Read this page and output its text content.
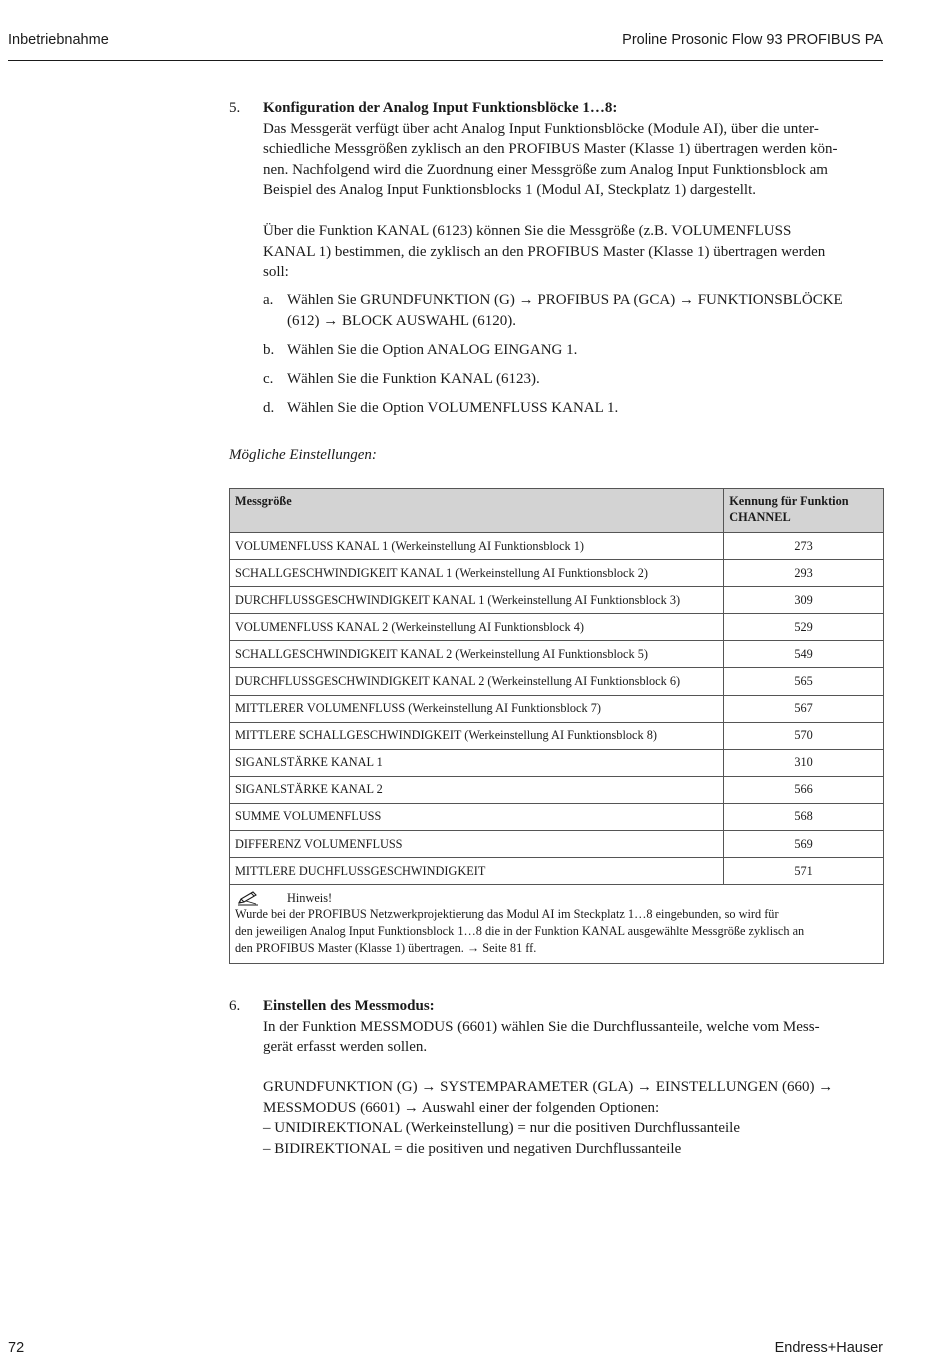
Inbetriebnahme	Proline Prosonic Flow 93 PROFIBUS PA
5. Konfiguration der Analog Input Funktionsblöcke 1…8:
Das Messgerät verfügt über acht Analog Input Funktionsblöcke (Module AI), über die unter-
schiedliche Messgrößen zyklisch an den PROFIBUS Master (Klasse 1) übertragen werden kön-
nen. Nachfolgend wird die Zuordnung einer Messgröße zum Analog Input Funktionsblock am
Beispiel des Analog Input Funktionsblocks 1 (Modul AI, Steckplatz 1) dargestellt.
Über die Funktion KANAL (6123) können Sie die Messgröße (z.B. VOLUMENFLUSS
KANAL 1) bestimmen, die zyklisch an den PROFIBUS Master (Klasse 1) übertragen werden
soll:
a. Wählen Sie GRUNDFUNKTION (G) → PROFIBUS PA (GCA) → FUNKTIONSBLÖCKE
(612) → BLOCK AUSWAHL (6120).
b. Wählen Sie die Option ANALOG EINGANG 1.
c. Wählen Sie die Funktion KANAL (6123).
d. Wählen Sie die Option VOLUMENFLUSS KANAL 1.
Mögliche Einstellungen:
Messgröße	Kennung für Funktion
CHANNEL

VOLUMENFLUSS KANAL 1 (Werkeinstellung AI Funktionsblock 1)	273
SCHALLGESCHWINDIGKEIT KANAL 1 (Werkeinstellung AI Funktionsblock 2)	293
DURCHFLUSSGESCHWINDIGKEIT KANAL 1 (Werkeinstellung AI Funktionsblock 3)	309
VOLUMENFLUSS KANAL 2 (Werkeinstellung AI Funktionsblock 4)	529
SCHALLGESCHWINDIGKEIT KANAL 2 (Werkeinstellung AI Funktionsblock 5)	549
DURCHFLUSSGESCHWINDIGKEIT KANAL 2 (Werkeinstellung AI Funktionsblock 6)	565
MITTLERER VOLUMENFLUSS (Werkeinstellung AI Funktionsblock 7)	567
MITTLERE SCHALLGESCHWINDIGKEIT (Werkeinstellung AI Funktionsblock 8)	570
SIGANLSTÄRKE KANAL 1	310
SIGANLSTÄRKE KANAL 2	566
SUMME VOLUMENFLUSS	568
DIFFERENZ VOLUMENFLUSS	569
MITTLERE DUCHFLUSSGESCHWINDIGKEIT	571

Hinweis!
Wurde bei der PROFIBUS Netzwerkprojektierung das Modul AI im Steckplatz 1…8 eingebunden, so wird für
den jeweiligen Analog Input Funktionsblock 1…8 die in der Funktion KANAL ausgewählte Messgröße zyklisch an
den PROFIBUS Master (Klasse 1) übertragen. → Seite 81 ff.	
6. Einstellen des Messmodus:
In der Funktion MESSMODUS (6601) wählen Sie die Durchflussanteile, welche vom Mess-
gerät erfasst werden sollen.
GRUNDFUNKTION (G) → SYSTEMPARAMETER (GLA) → EINSTELLUNGEN (660) →
MESSMODUS (6601) → Auswahl einer der folgenden Optionen:
– UNIDIREKTIONAL (Werkeinstellung) = nur die positiven Durchflussanteile
– BIDIREKTIONAL = die positiven und negativen Durchflussanteile
72	Endress+Hauser
